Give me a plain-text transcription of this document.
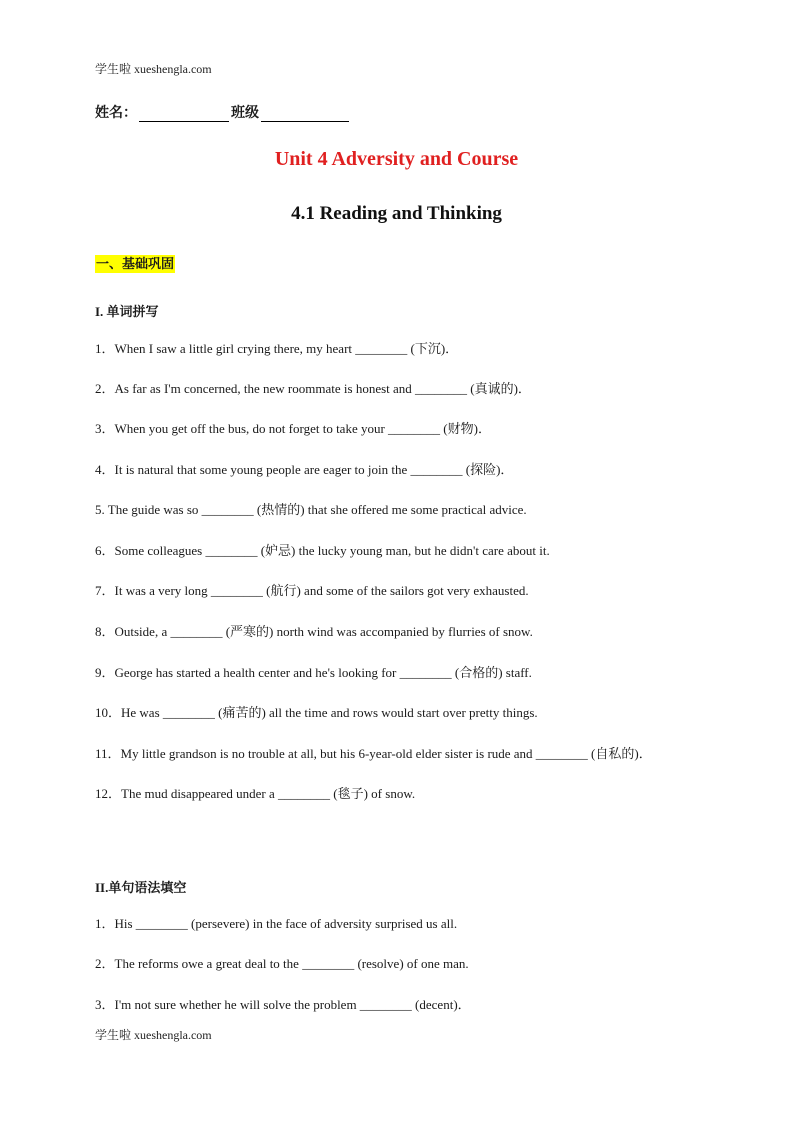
学生啦 xueshengla.com
姓名：	班级
Unit 4 Adversity and Course
4.1 Reading and Thinking
一、基础巩固
I. 单词拼写
1．When I saw a little girl crying there, my heart ________ (下沉)．
2．As far as I'm concerned, the new roommate is honest and ________ (真诚的)．
3．When you get off the bus, do not forget to take your ________ (财物)．
4．It is natural that some young people are eager to join the ________ (探险)．
5. The guide was so ________ (热情的) that she offered me some practical advice.
6．Some colleagues ________ (妒忌) the lucky young man, but he didn't care about it.
7．It was a very long ________ (航行) and some of the sailors got very exhausted.
8．Outside, a ________ (严寒的) north wind was accompanied by flurries of snow.
9．George has started a health center and he's looking for ________ (合格的) staff.
10．He was ________ (痛苦的) all the time and rows would start over pretty things.
11．My little grandson is no trouble at all, but his 6-year-old elder sister is rude and ________ (自私的)．
12．The mud disappeared under a ________ (毯子) of snow.
II.单句语法填空
1．His ________ (persevere) in the face of adversity surprised us all.
2．The reforms owe a great deal to the ________ (resolve) of one man.
3．I'm not sure whether he will solve the problem ________ (decent)．
学生啦 xueshengla.com
